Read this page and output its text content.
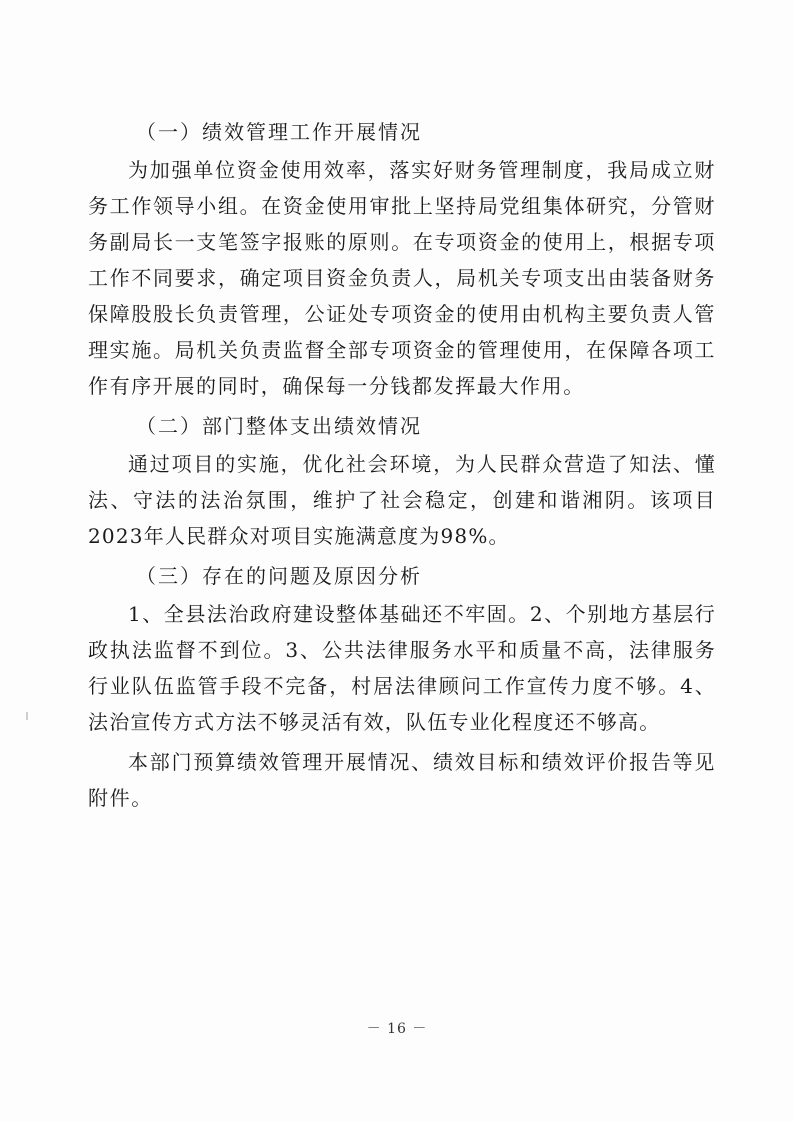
（一）绩效管理工作开展情况

为加强单位资金使用效率，落实好财务管理制度，我局成立财务工作领导小组。在资金使用审批上坚持局党组集体研究，分管财务副局长一支笔签字报账的原则。在专项资金的使用上，根据专项工作不同要求，确定项目资金负责人，局机关专项支出由装备财务保障股股长负责管理，公证处专项资金的使用由机构主要负责人管理实施。局机关负责监督全部专项资金的管理使用，在保障各项工作有序开展的同时，确保每一分钱都发挥最大作用。

（二）部门整体支出绩效情况

通过项目的实施，优化社会环境，为人民群众营造了知法、懂法、守法的法治氛围，维护了社会稳定，创建和谐湘阴。该项目2023年人民群众对项目实施满意度为98%。

（三）存在的问题及原因分析

1、全县法治政府建设整体基础还不牢固。2、个别地方基层行政执法监督不到位。3、公共法律服务水平和质量不高，法律服务行业队伍监管手段不完备，村居法律顾问工作宣传力度不够。4、法治宣传方式方法不够灵活有效，队伍专业化程度还不够高。

本部门预算绩效管理开展情况、绩效目标和绩效评价报告等见附件。

－ 16 －
